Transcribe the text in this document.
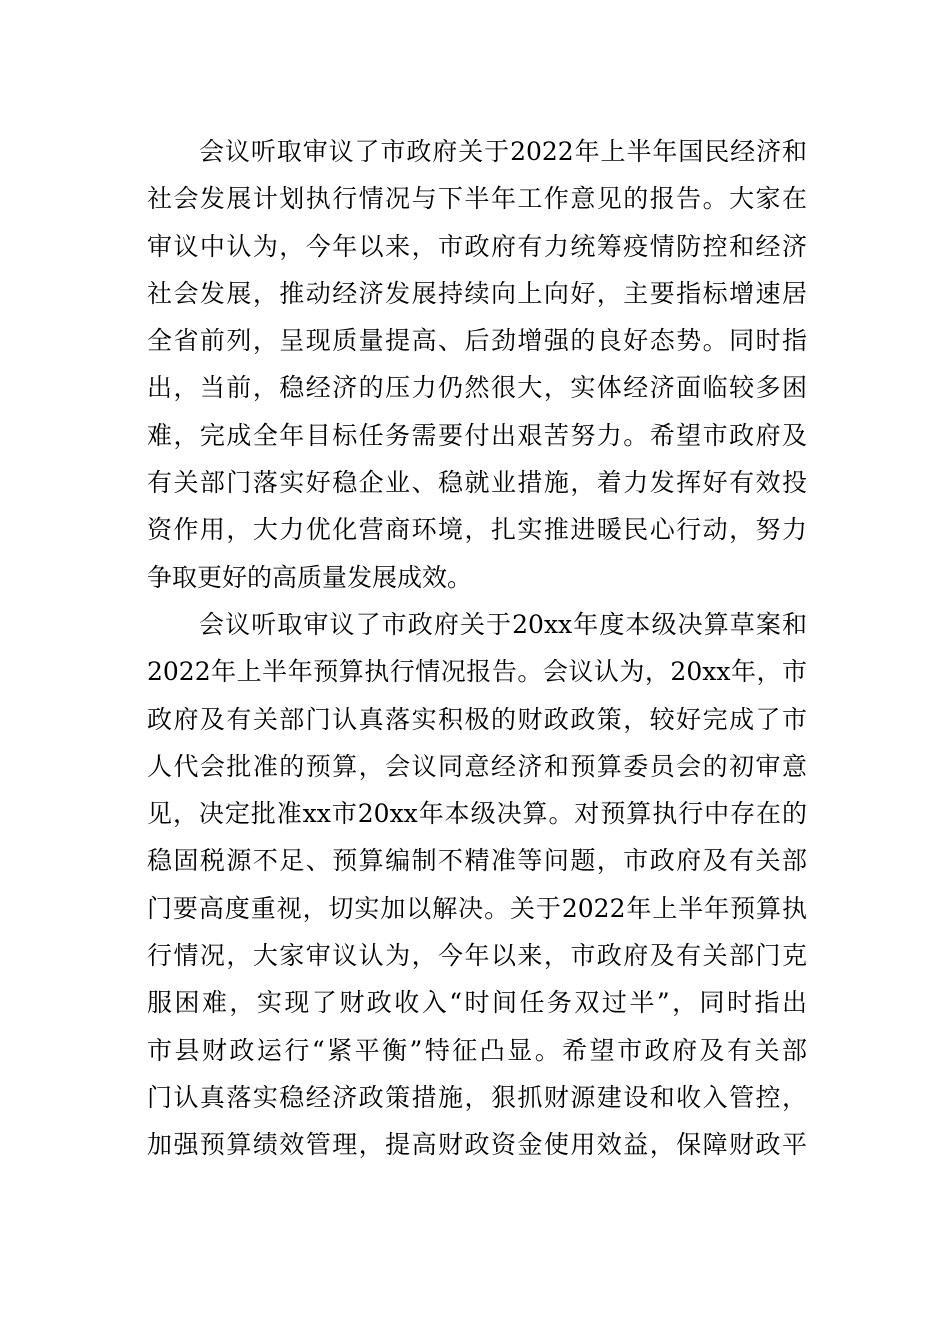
会议听取审议了市政府关于2022年上半年国民经济和
社会发展计划执行情况与下半年工作意见的报告。大家在
审议中认为，今年以来，市政府有力统筹疫情防控和经济
社会发展，推动经济发展持续向上向好，主要指标增速居
全省前列，呈现质量提高、后劲增强的良好态势。同时指
出，当前，稳经济的压力仍然很大，实体经济面临较多困
难，完成全年目标任务需要付出艰苦努力。希望市政府及
有关部门落实好稳企业、稳就业措施，着力发挥好有效投
资作用，大力优化营商环境，扎实推进暖民心行动，努力
争取更好的高质量发展成效。
会议听取审议了市政府关于20xx年度本级决算草案和
2022年上半年预算执行情况报告。会议认为，20xx年，市
政府及有关部门认真落实积极的财政政策，较好完成了市
人代会批准的预算，会议同意经济和预算委员会的初审意
见，决定批准xx市20xx年本级决算。对预算执行中存在的
稳固税源不足、预算编制不精准等问题，市政府及有关部
门要高度重视，切实加以解决。关于2022年上半年预算执
行情况，大家审议认为，今年以来，市政府及有关部门克
服困难，实现了财政收入“时间任务双过半”，同时指出
市县财政运行“紧平衡”特征凸显。希望市政府及有关部
门认真落实稳经济政策措施，狠抓财源建设和收入管控，
加强预算绩效管理，提高财政资金使用效益，保障财政平
